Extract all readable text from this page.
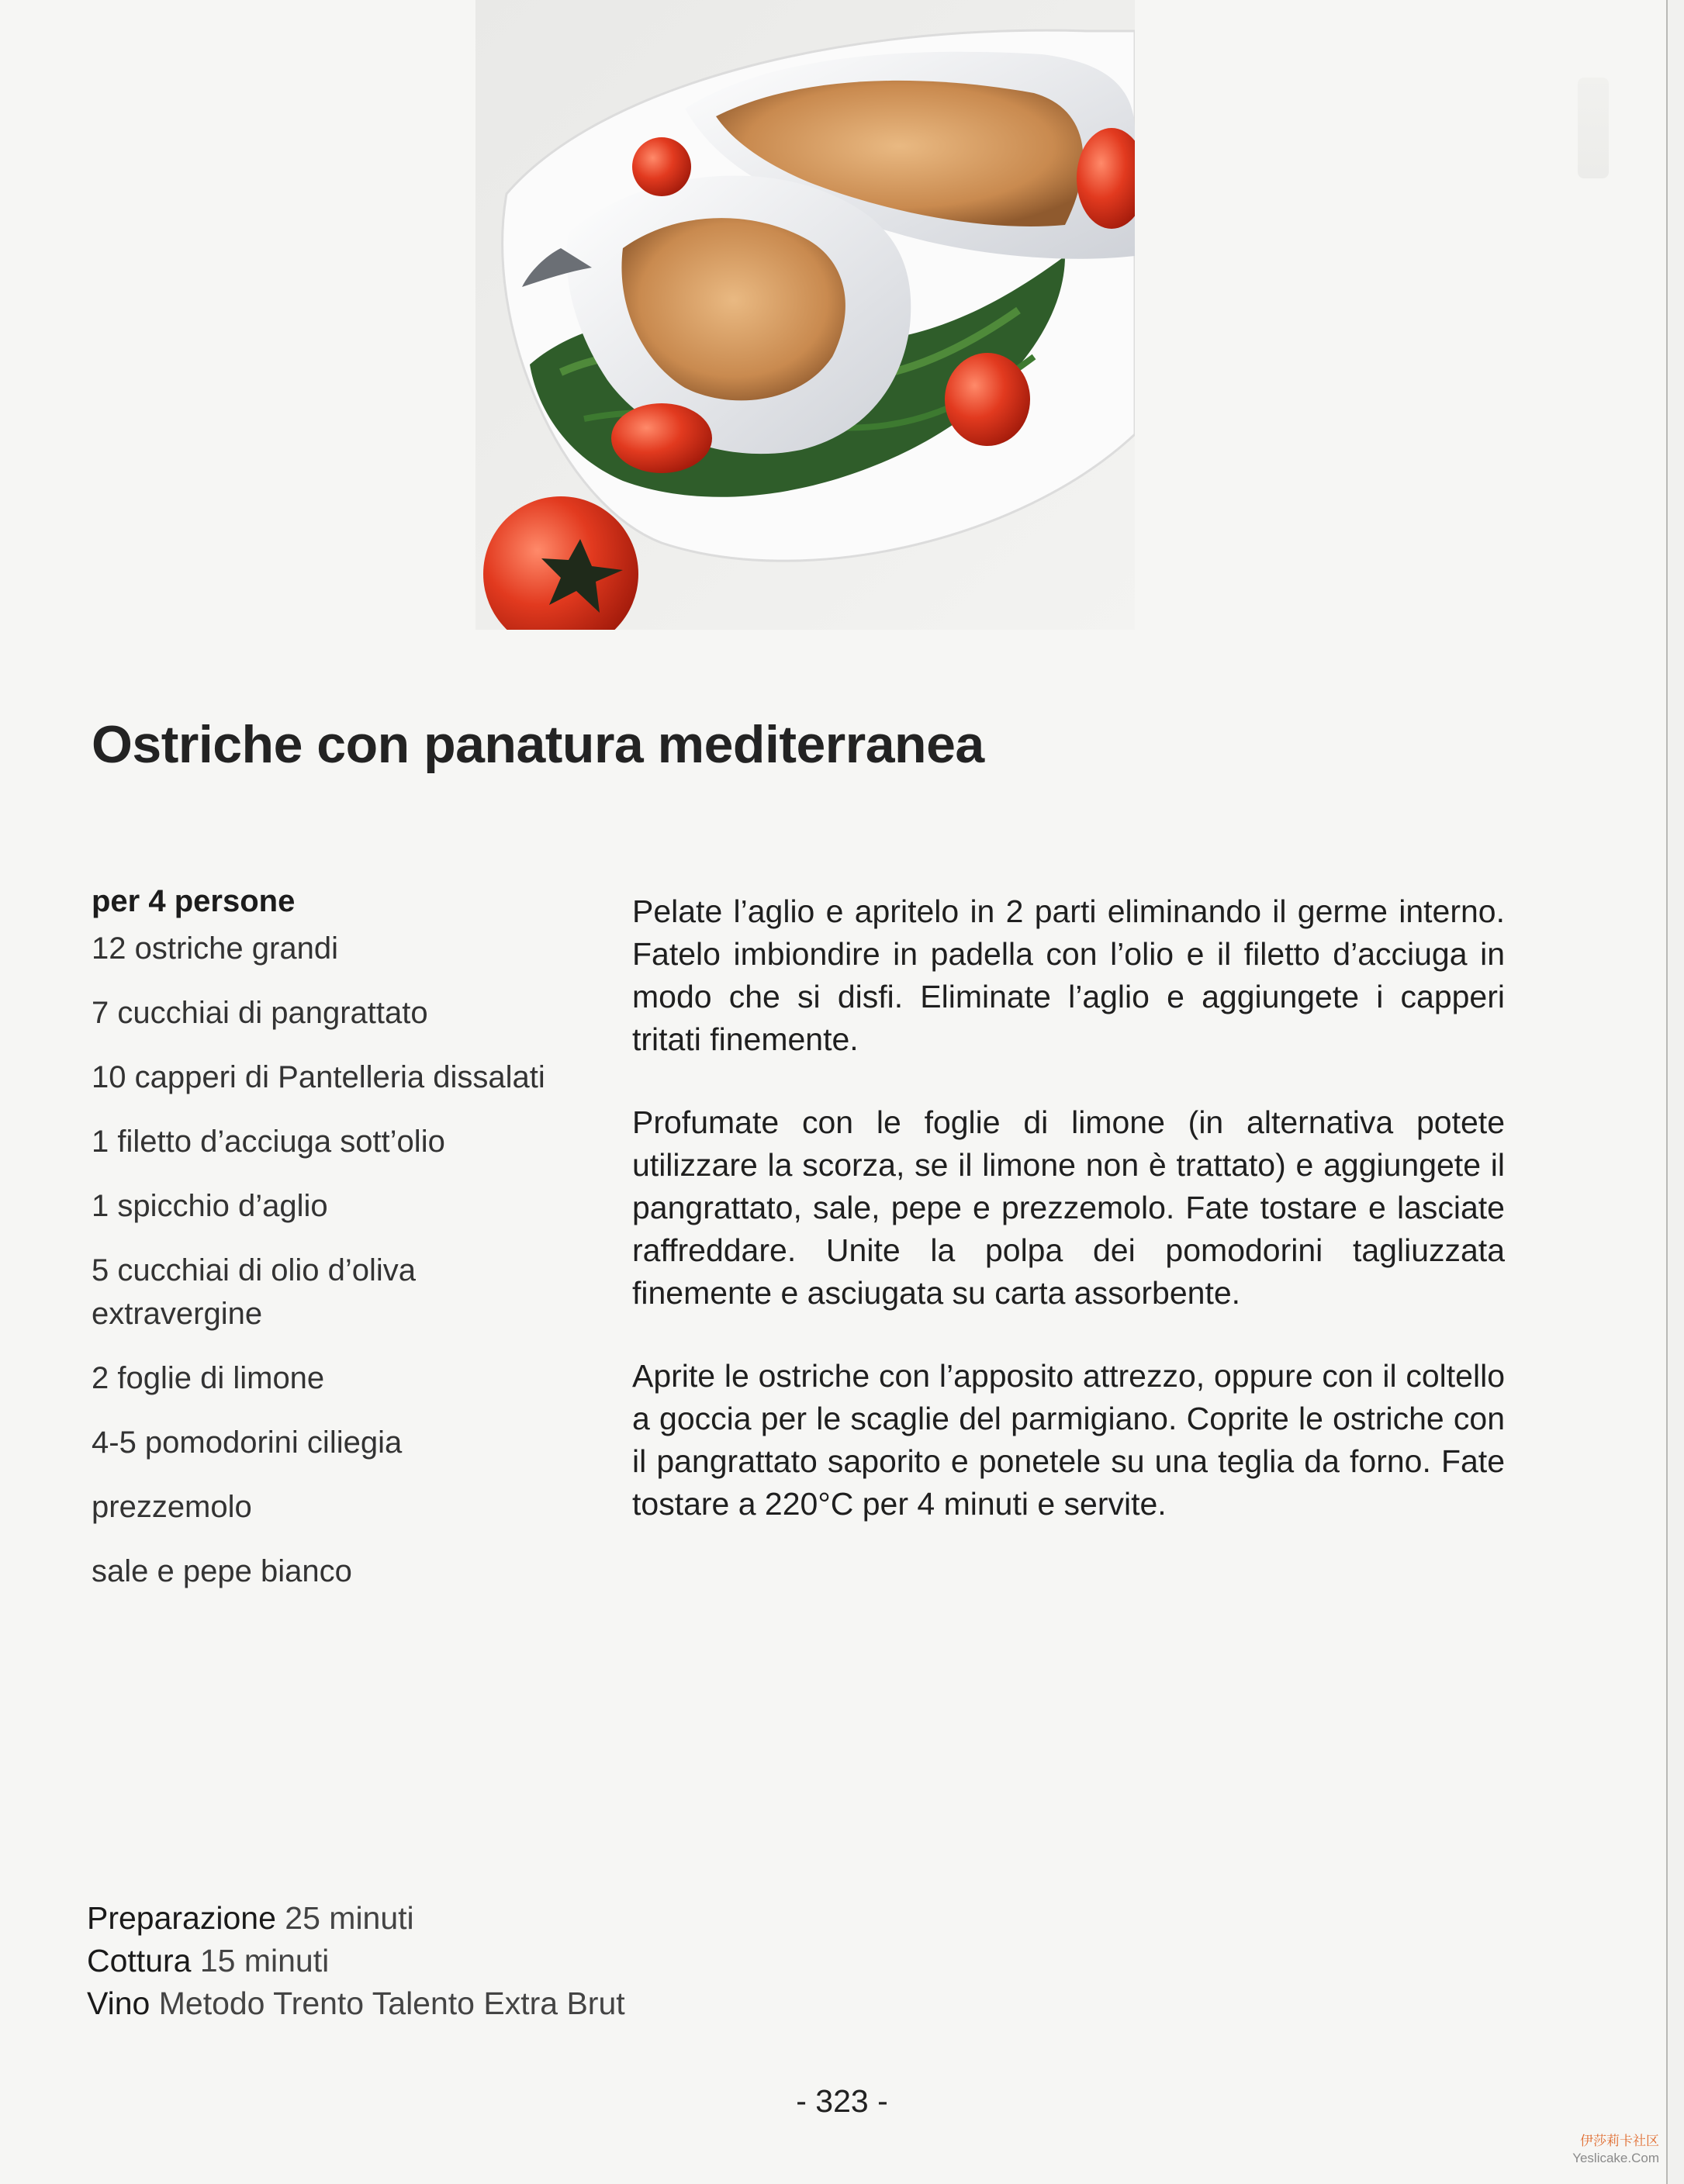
Ostriche con panatura mediterranea
per 4 persone
12 ostriche grandi
7 cucchiai di pangrattato
10 capperi di Pantelleria dissalati
1 filetto d’acciuga sott’olio
1 spicchio d’aglio
5 cucchiai di olio d’oliva extravergine
2 foglie di limone
4-5 pomodorini ciliegia
prezzemolo
sale e pepe bianco

Pelate l’aglio e apritelo in 2 parti eliminando il germe interno. Fatelo imbiondire in padella con l’olio e il filetto d’acciuga in modo che si disfi. Eliminate l’aglio e aggiungete i capperi tritati finemente.

Profumate con le foglie di limone (in alternativa potete utilizzare la scorza, se il limone non è trattato) e aggiungete il pangrattato, sale, pepe e prezzemolo. Fate tostare e lasciate raffreddare. Unite la polpa dei pomodorini tagliuzzata finemente e asciugata su carta assorbente.

Aprite le ostriche con l’apposito attrezzo, oppure con il coltello a goccia per le scaglie del parmigiano. Coprite le ostriche con il pangrattato saporito e ponetele su una teglia da forno. Fate tostare a 220°C per 4 minuti e servite.

Preparazione 25 minuti
Cottura 15 minuti
Vino Metodo Trento Talento Extra Brut
- 323 -
伊莎莉卡社区
Yeslicake.Com
